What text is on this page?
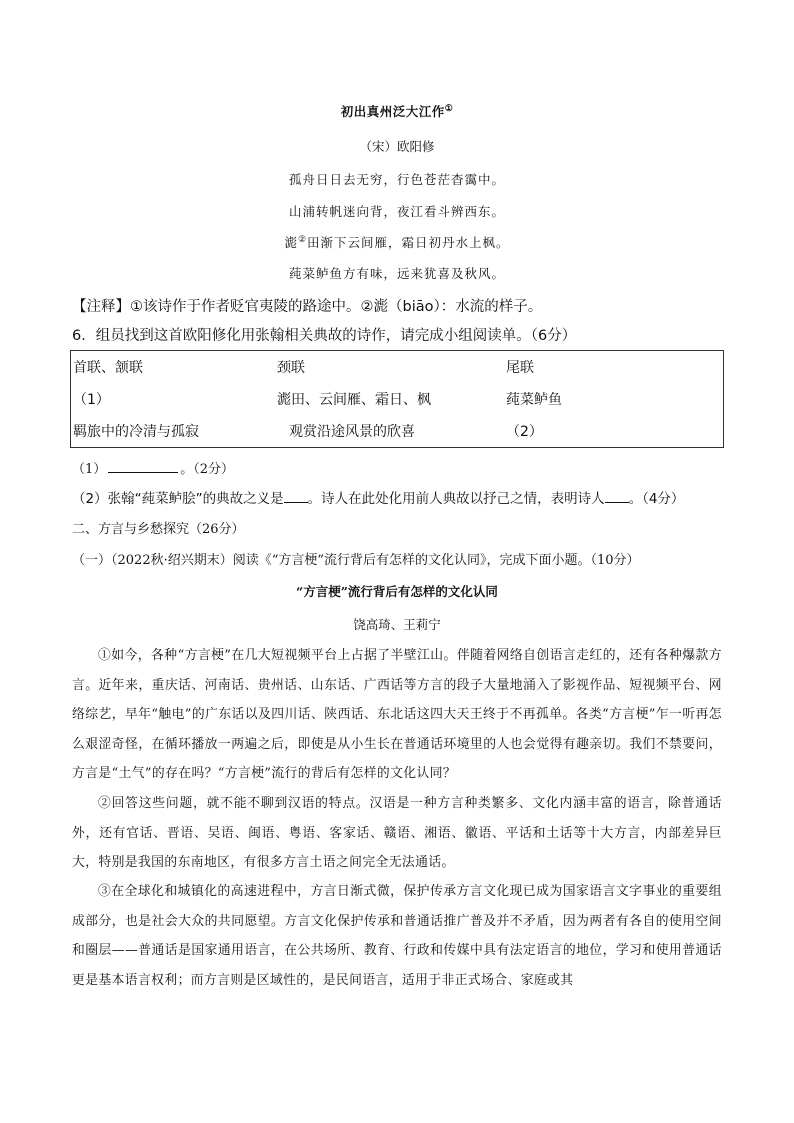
初出真州泛大江作①
（宋）欧阳修
孤舟日日去无穷，行色苍茫杳霭中。
山浦转帆迷向背，夜江看斗辨西东。
滮②田渐下云间雁，霜日初丹水上枫。
莼菜鲈鱼方有味，远来犹喜及秋风。
【注释】①该诗作于作者贬官夷陵的路途中。②滮（biāo）：水流的样子。
6．组员找到这首欧阳修化用张翰相关典故的诗作，请完成小组阅读单。（6分）
首联、颔联	颈联	尾联
（1）	滮田、云间雁、霜日、枫	莼菜鲈鱼
羁旅中的冷清与孤寂	观赏沿途风景的欣喜	（2）
（1）	。（2分）
（2）张翰“莼菜鲈脍”的典故之义是 。诗人在此处化用前人典故以抒己之情，表明诗人 。（4分）
二、方言与乡愁探究（26分）
（一）（2022秋·绍兴期末）阅读《“方言梗”流行背后有怎样的文化认同》，完成下面小题。（10分）
“方言梗”流行背后有怎样的文化认同
饶高琦、王莉宁
①如今，各种“方言梗”在几大短视频平台上占据了半壁江山。伴随着网络自创语言走红的，还有各种爆款方言。近年来，重庆话、河南话、贵州话、山东话、广西话等方言的段子大量地涌入了影视作品、短视频平台、网络综艺，早年“触电”的广东话以及四川话、陕西话、东北话这四大天王终于不再孤单。各类“方言梗”乍一听再怎么艰涩奇怪，在循环播放一两遍之后，即使是从小生长在普通话环境里的人也会觉得有趣亲切。我们不禁要问，方言是“土气”的存在吗？“方言梗”流行的背后有怎样的文化认同？
②回答这些问题，就不能不聊到汉语的特点。汉语是一种方言种类繁多、文化内涵丰富的语言，除普通话外，还有官话、晋语、吴语、闽语、粤语、客家话、赣语、湘语、徽语、平话和土话等十大方言，内部差异巨大，特别是我国的东南地区，有很多方言土语之间完全无法通话。
③在全球化和城镇化的高速进程中，方言日渐式微，保护传承方言文化现已成为国家语言文字事业的重要组成部分，也是社会大众的共同愿望。方言文化保护传承和普通话推广普及并不矛盾，因为两者有各自的使用空间和圈层——普通话是国家通用语言，在公共场所、教育、行政和传媒中具有法定语言的地位，学习和使用普通话更是基本语言权利；而方言则是区域性的，是民间语言，适用于非正式场合、家庭或其
